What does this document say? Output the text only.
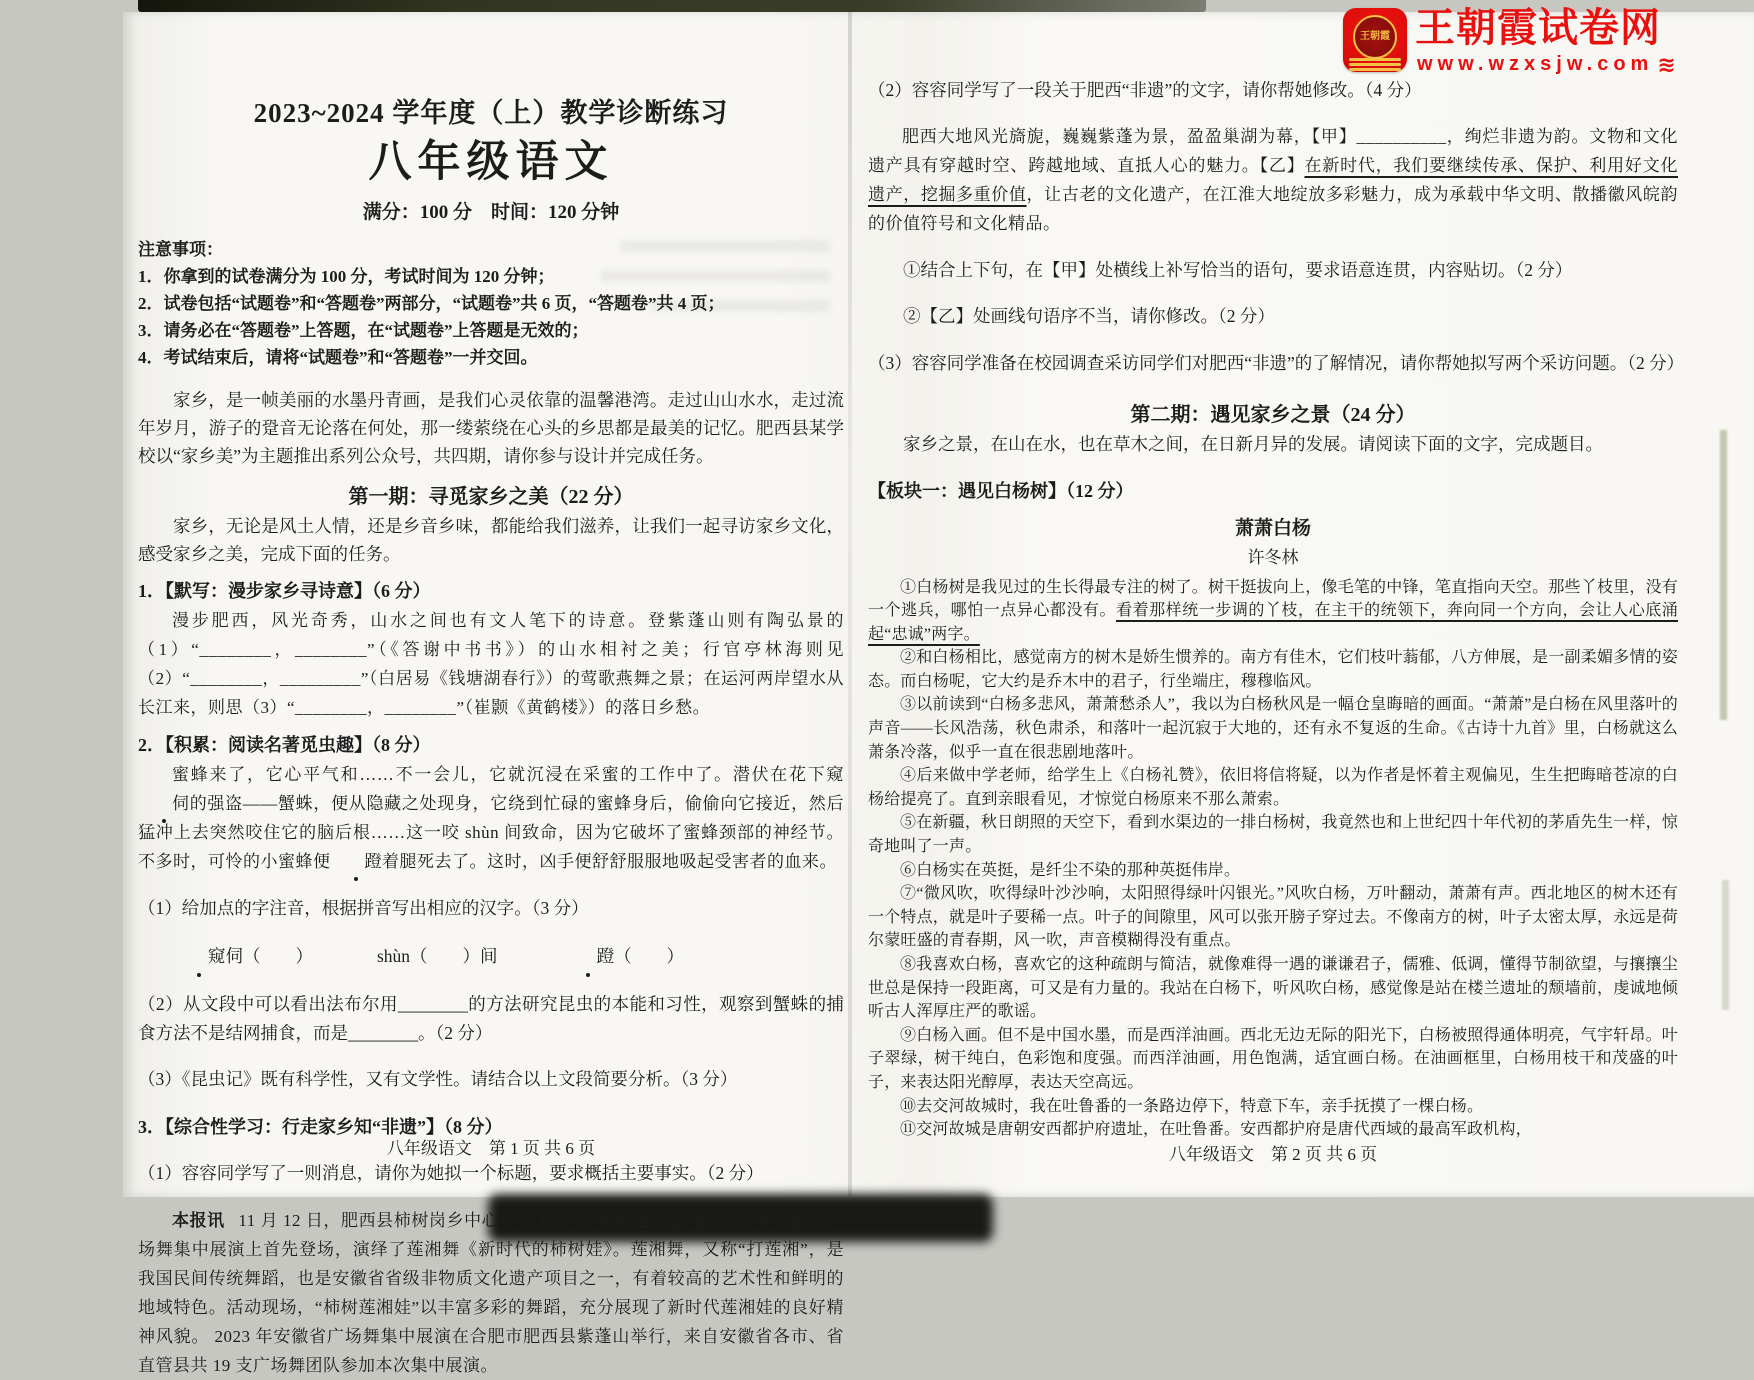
王朝霞 王朝霞试卷网
www.wzxsjw.com ≋
2023~2024 学年度（上）教学诊断练习
八年级语文
满分：100 分　时间：120 分钟

注意事项：

1．你拿到的试卷满分为 100 分，考试时间为 120 分钟；

2．试卷包括“试题卷”和“答题卷”两部分，“试题卷”共 6 页，“答题卷”共 4 页；

3．请务必在“答题卷”上答题，在“试题卷”上答题是无效的；

4．考试结束后，请将“试题卷”和“答题卷”一并交回。

家乡，是一帧美丽的水墨丹青画，是我们心灵依靠的温馨港湾。走过山山水水，走过流年岁月，游子的跫音无论落在何处，那一缕萦绕在心头的乡思都是最美的记忆。肥西县某学校以“家乡美”为主题推出系列公众号，共四期，请你参与设计并完成任务。

第一期：寻觅家乡之美（22 分）

家乡，无论是风土人情，还是乡音乡味，都能给我们滋养，让我们一起寻访家乡文化，感受家乡之美，完成下面的任务。

1．【默写：漫步家乡寻诗意】（6 分）

漫步肥西，风光奇秀，山水之间也有文人笔下的诗意。登紫蓬山则有陶弘景的（1）“________，________”（《答谢中书书》）的山水相衬之美；行官亭林海则见（2）“________，_________”（白居易《钱塘湖春行》）的莺歌燕舞之景；在运河两岸望水从长江来，则思（3）“________，________”（崔颢《黄鹤楼》）的落日乡愁。

2．【积累：阅读名著觅虫趣】（8 分）

蜜蜂来了，它心平气和……不一会儿，它就沉浸在采蜜的工作中了。潜伏在花下窥伺的强盗——蟹蛛，便从隐藏之处现身，它绕到忙碌的蜜蜂身后，偷偷向它接近，然后猛冲上去突然咬住它的脑后根……这一咬 shùn 间致命，因为它破坏了蜜蜂颈部的神经节。不多时，可怜的小蜜蜂便 蹬着腿死去了。这时，凶手便舒舒服服地吸起受害者的血来。

（1）给加点的字注音，根据拼音写出相应的汉字。（3 分）

窥伺（　　）	shùn（　　）间	蹬（　　）

（2）从文段中可以看出法布尔用________的方法研究昆虫的本能和习性，观察到蟹蛛的捕食方法不是结网捕食，而是________。（2 分）

（3）《昆虫记》既有科学性，又有文学性。请结合以上文段简要分析。（3 分）

3．【综合性学习：行走家乡知“非遗”】（8 分）

（1）容容同学写了一则消息，请你为她拟一个标题，要求概括主要事实。（2 分）

本报讯 11 月 12 日，肥西县柿树岗乡中心学校 164 名“柿树莲湘娃”在 2023 年安徽省广场舞集中展演上首先登场，演绎了莲湘舞《新时代的柿树娃》。莲湘舞，又称“打莲湘”，是我国民间传统舞蹈，也是安徽省省级非物质文化遗产项目之一，有着较高的艺术性和鲜明的地域特色。活动现场，“柿树莲湘娃”以丰富多彩的舞蹈，充分展现了新时代莲湘娃的良好精神风貌。 2023 年安徽省广场舞集中展演在合肥市肥西县紫蓬山举行，来自安徽省各市、省直管县共 19 支广场舞团队参加本次集中展演。

八年级语文　第 1 页 共 6 页

（2）容容同学写了一段关于肥西“非遗”的文字，请你帮她修改。（4 分）

肥西大地风光旖旎，巍巍紫蓬为景，盈盈巢湖为幕，【甲】__________，绚烂非遗为韵。文物和文化遗产具有穿越时空、跨越地域、直抵人心的魅力。【乙】在新时代，我们要继续传承、保护、利用好文化遗产，挖掘多重价值，让古老的文化遗产，在江淮大地绽放多彩魅力，成为承载中华文明、散播徽风皖韵的价值符号和文化精品。

①结合上下句，在【甲】处横线上补写恰当的语句，要求语意连贯，内容贴切。（2 分）

②【乙】处画线句语序不当，请你修改。（2 分）

（3）容容同学准备在校园调查采访同学们对肥西“非遗”的了解情况，请你帮她拟写两个采访问题。（2 分）

第二期：遇见家乡之景（24 分）

家乡之景，在山在水，也在草木之间，在日新月异的发展。请阅读下面的文字，完成题目。

【板块一：遇见白杨树】（12 分）
萧萧白杨
许冬林

①白杨树是我见过的生长得最专注的树了。树干挺拔向上，像毛笔的中锋，笔直指向天空。那些丫枝里，没有一个逃兵，哪怕一点异心都没有。看着那样统一步调的丫枝，在主干的统领下，奔向同一个方向，会让人心底涌起“忠诚”两字。

②和白杨相比，感觉南方的树木是娇生惯养的。南方有佳木，它们枝叶蓊郁，八方伸展，是一副柔媚多情的姿态。而白杨呢，它大约是乔木中的君子，行坐端庄，穆穆临风。

③以前读到“白杨多悲风，萧萧愁杀人”，我以为白杨秋风是一幅仓皇晦暗的画面。“萧萧”是白杨在风里落叶的声音——长风浩荡，秋色肃杀，和落叶一起沉寂于大地的，还有永不复返的生命。《古诗十九首》里，白杨就这么萧条冷落，似乎一直在很悲剧地落叶。

④后来做中学老师，给学生上《白杨礼赞》，依旧将信将疑，以为作者是怀着主观偏见，生生把晦暗苍凉的白杨给提亮了。直到亲眼看见，才惊觉白杨原来不那么萧索。

⑤在新疆，秋日朗照的天空下，看到水渠边的一排白杨树，我竟然也和上世纪四十年代初的茅盾先生一样，惊奇地叫了一声。

⑥白杨实在英挺，是纤尘不染的那种英挺伟岸。

⑦“微风吹，吹得绿叶沙沙响，太阳照得绿叶闪银光。”风吹白杨，万叶翻动，萧萧有声。西北地区的树木还有一个特点，就是叶子要稀一点。叶子的间隙里，风可以张开膀子穿过去。不像南方的树，叶子太密太厚，永远是荷尔蒙旺盛的青春期，风一吹，声音模糊得没有重点。

⑧我喜欢白杨，喜欢它的这种疏朗与简洁，就像难得一遇的谦谦君子，儒雅、低调，懂得节制欲望，与攘攘尘世总是保持一段距离，可又是有力量的。我站在白杨下，听风吹白杨，感觉像是站在楼兰遗址的颓墙前，虔诚地倾听古人浑厚庄严的歌谣。

⑨白杨入画。但不是中国水墨，而是西洋油画。西北无边无际的阳光下，白杨被照得通体明亮，气宇轩昂。叶子翠绿，树干纯白，色彩饱和度强。而西洋油画，用色饱满，适宜画白杨。在油画框里，白杨用枝干和茂盛的叶子，来表达阳光醇厚，表达天空高远。

⑩去交河故城时，我在吐鲁番的一条路边停下，特意下车，亲手抚摸了一棵白杨。

⑪交河故城是唐朝安西都护府遗址，在吐鲁番。安西都护府是唐代西域的最高军政机构，

八年级语文　第 2 页 共 6 页
